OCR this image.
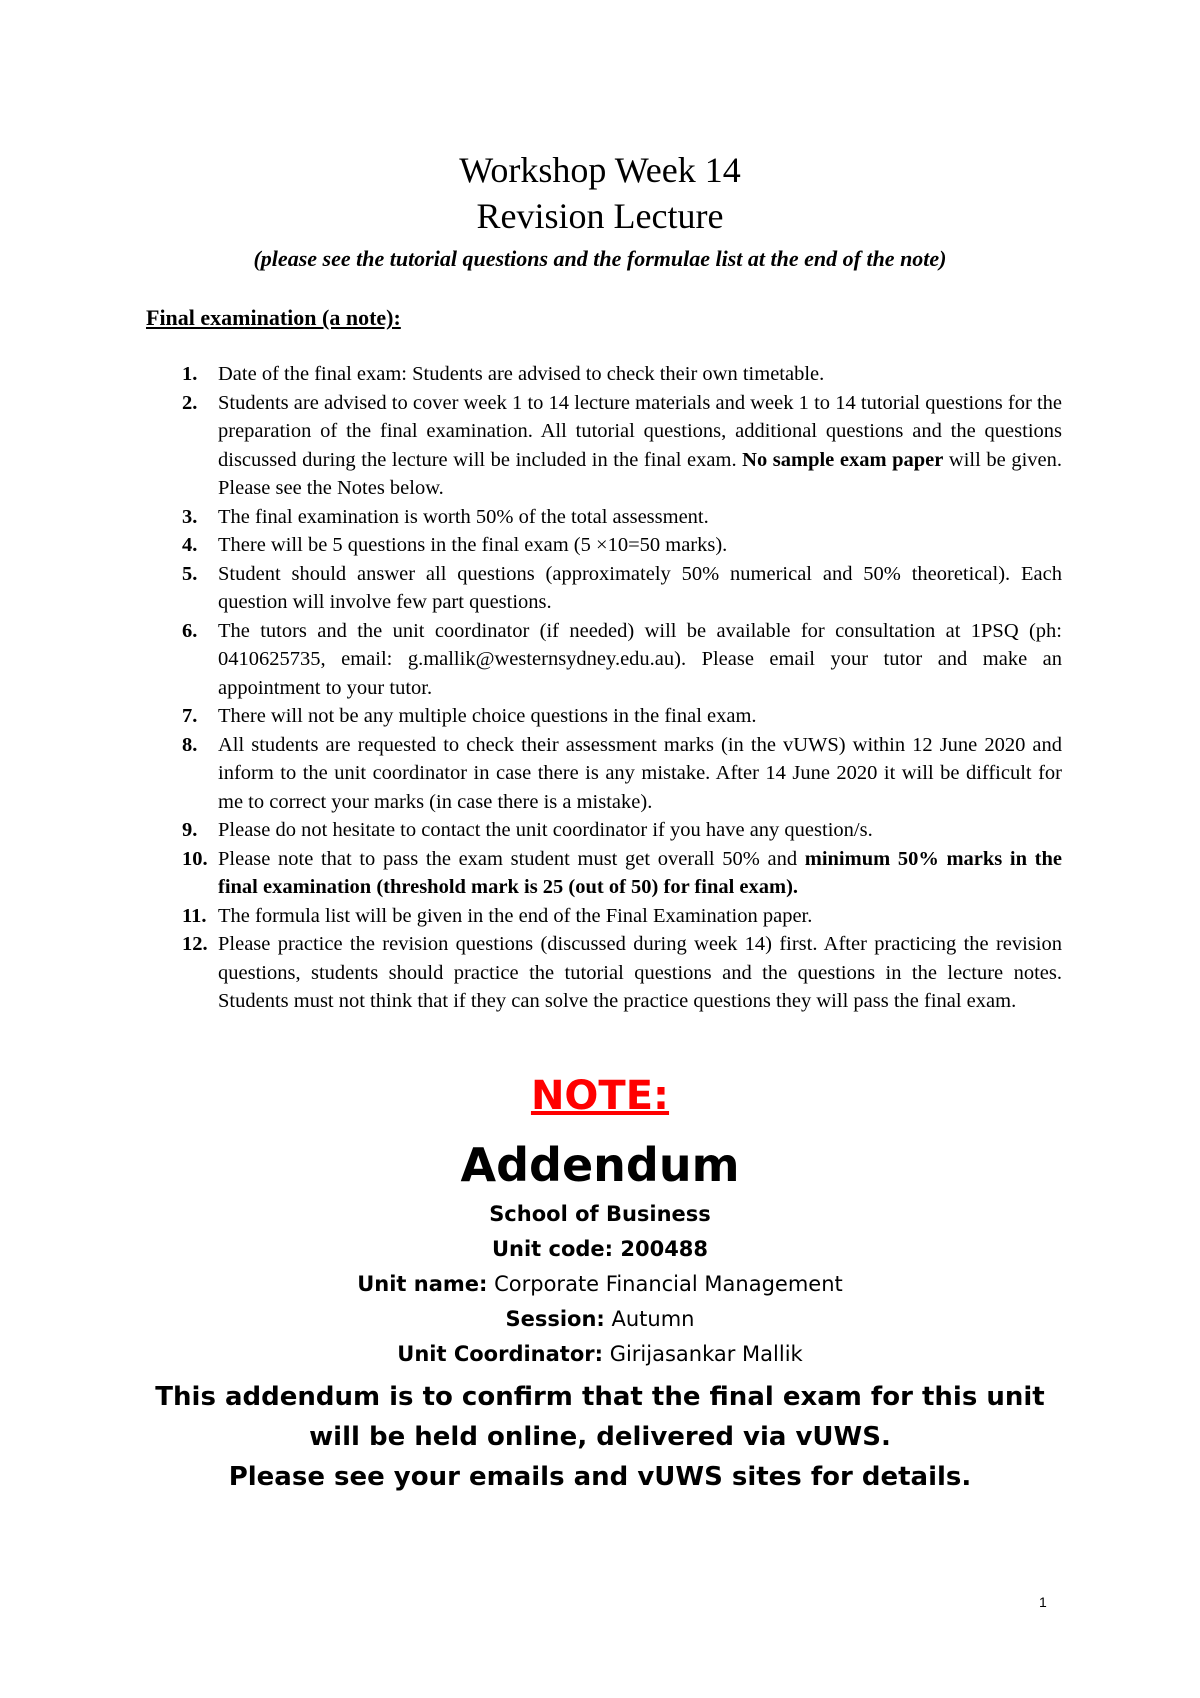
Workshop Week 14
Revision Lecture
(please see the tutorial questions and the formulae list at the end of the note)
Final examination (a note):
1. Date of the final exam: Students are advised to check their own timetable.
2. Students are advised to cover week 1 to 14 lecture materials and week 1 to 14 tutorial questions for the preparation of the final examination. All tutorial questions, additional questions and the questions discussed during the lecture will be included in the final exam. No sample exam paper will be given. Please see the Notes below.
3. The final examination is worth 50% of the total assessment.
4. There will be 5 questions in the final exam (5 ×10=50 marks).
5. Student should answer all questions (approximately 50% numerical and 50% theoretical). Each question will involve few part questions.
6. The tutors and the unit coordinator (if needed) will be available for consultation at 1PSQ (ph: 0410625735, email: g.mallik@westernsydney.edu.au). Please email your tutor and make an appointment to your tutor.
7. There will not be any multiple choice questions in the final exam.
8. All students are requested to check their assessment marks (in the vUWS) within 12 June 2020 and inform to the unit coordinator in case there is any mistake. After 14 June 2020 it will be difficult for me to correct your marks (in case there is a mistake).
9. Please do not hesitate to contact the unit coordinator if you have any question/s.
10. Please note that to pass the exam student must get overall 50% and minimum 50% marks in the final examination (threshold mark is 25 (out of 50) for final exam).
11. The formula list will be given in the end of the Final Examination paper.
12. Please practice the revision questions (discussed during week 14) first. After practicing the revision questions, students should practice the tutorial questions and the questions in the lecture notes. Students must not think that if they can solve the practice questions they will pass the final exam.
NOTE:
Addendum
School of Business
Unit code: 200488
Unit name: Corporate Financial Management
Session: Autumn
Unit Coordinator: Girijasankar Mallik
This addendum is to confirm that the final exam for this unit
will be held online, delivered via vUWS.
Please see your emails and vUWS sites for details.
1
